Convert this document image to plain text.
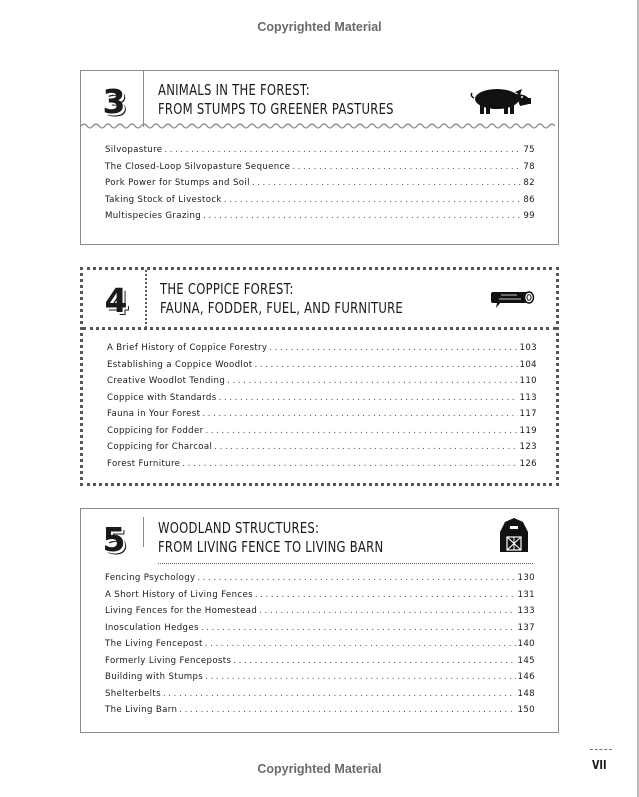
Copyrighted Material
3	ANIMALS IN THE FOREST:
FROM STUMPS TO GREENER PASTURES
Silvopasture .....	75
The Closed-Loop Silvopasture Sequence .....	78
Pork Power for Stumps and Soil .....	82
Taking Stock of Livestock .....	86
Multispecies Grazing .....	99
4	THE COPPICE FOREST:
FAUNA, FODDER, FUEL, AND FURNITURE
A Brief History of Coppice Forestry .....	103
Establishing a Coppice Woodlot .....	104
Creative Woodlot Tending .....	110
Coppice with Standards .....	113
Fauna in Your Forest .....	117
Coppicing for Fodder .....	119
Coppicing for Charcoal .....	123
Forest Furniture .....	126
5	WOODLAND STRUCTURES:
FROM LIVING FENCE TO LIVING BARN
Fencing Psychology .....	130
A Short History of Living Fences .....	131
Living Fences for the Homestead .....	133
Inosculation Hedges .....	137
The Living Fencepost .....	140
Formerly Living Fenceposts .....	145
Building with Stumps .....	146
Shelterbelts .....	148
The Living Barn .....	150
VII
Copyrighted Material
